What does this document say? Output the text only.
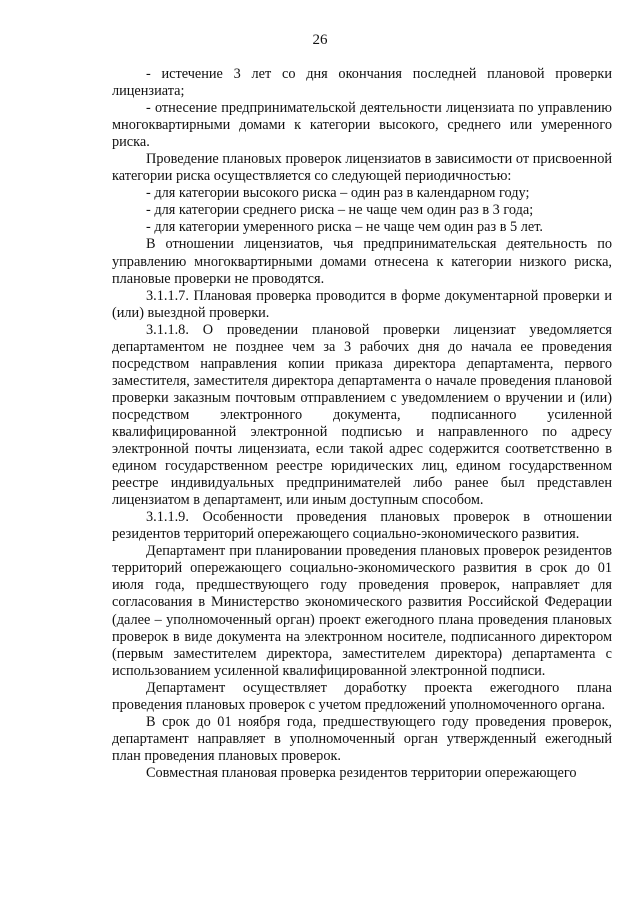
26

- истечение 3 лет со дня окончания последней плановой проверки лицензиата;

- отнесение предпринимательской деятельности лицензиата по управлению многоквартирными домами к категории высокого, среднего или умеренного риска.

Проведение плановых проверок лицензиатов в зависимости от присвоенной категории риска осуществляется со следующей периодичностью:

- для категории высокого риска – один раз в календарном году;

- для категории среднего риска – не чаще чем один раз в 3 года;

- для категории умеренного риска – не чаще чем один раз в 5 лет.

В отношении лицензиатов, чья предпринимательская деятельность по управлению многоквартирными домами отнесена к категории низкого риска, плановые проверки не проводятся.

3.1.1.7. Плановая проверка проводится в форме документарной проверки и (или) выездной проверки.

3.1.1.8. О проведении плановой проверки лицензиат уведомляется департаментом не позднее чем за 3 рабочих дня до начала ее проведения посредством направления копии приказа директора департамента, первого заместителя, заместителя директора департамента о начале проведения плановой проверки заказным почтовым отправлением с уведомлением о вручении и (или) посредством электронного документа, подписанного усиленной квалифицированной электронной подписью и направленного по адресу электронной почты лицензиата, если такой адрес содержится соответственно в едином государственном реестре юридических лиц, едином государственном реестре индивидуальных предпринимателей либо ранее был представлен лицензиатом в департамент, или иным доступным способом.

3.1.1.9. Особенности проведения плановых проверок в отношении резидентов территорий опережающего социально-экономического развития.

Департамент при планировании проведения плановых проверок резидентов территорий опережающего социально-экономического развития в срок до 01 июля года, предшествующего году проведения проверок, направляет для согласования в Министерство экономического развития Российской Федерации (далее – уполномоченный орган) проект ежегодного плана проведения плановых проверок в виде документа на электронном носителе, подписанного директором (первым заместителем директора, заместителем директора) департамента с использованием усиленной квалифицированной электронной подписи.

Департамент осуществляет доработку проекта ежегодного плана проведения плановых проверок с учетом предложений уполномоченного органа.

В срок до 01 ноября года, предшествующего году проведения проверок, департамент направляет в уполномоченный орган утвержденный ежегодный план проведения плановых проверок.

Совместная плановая проверка резидентов территории опережающего
